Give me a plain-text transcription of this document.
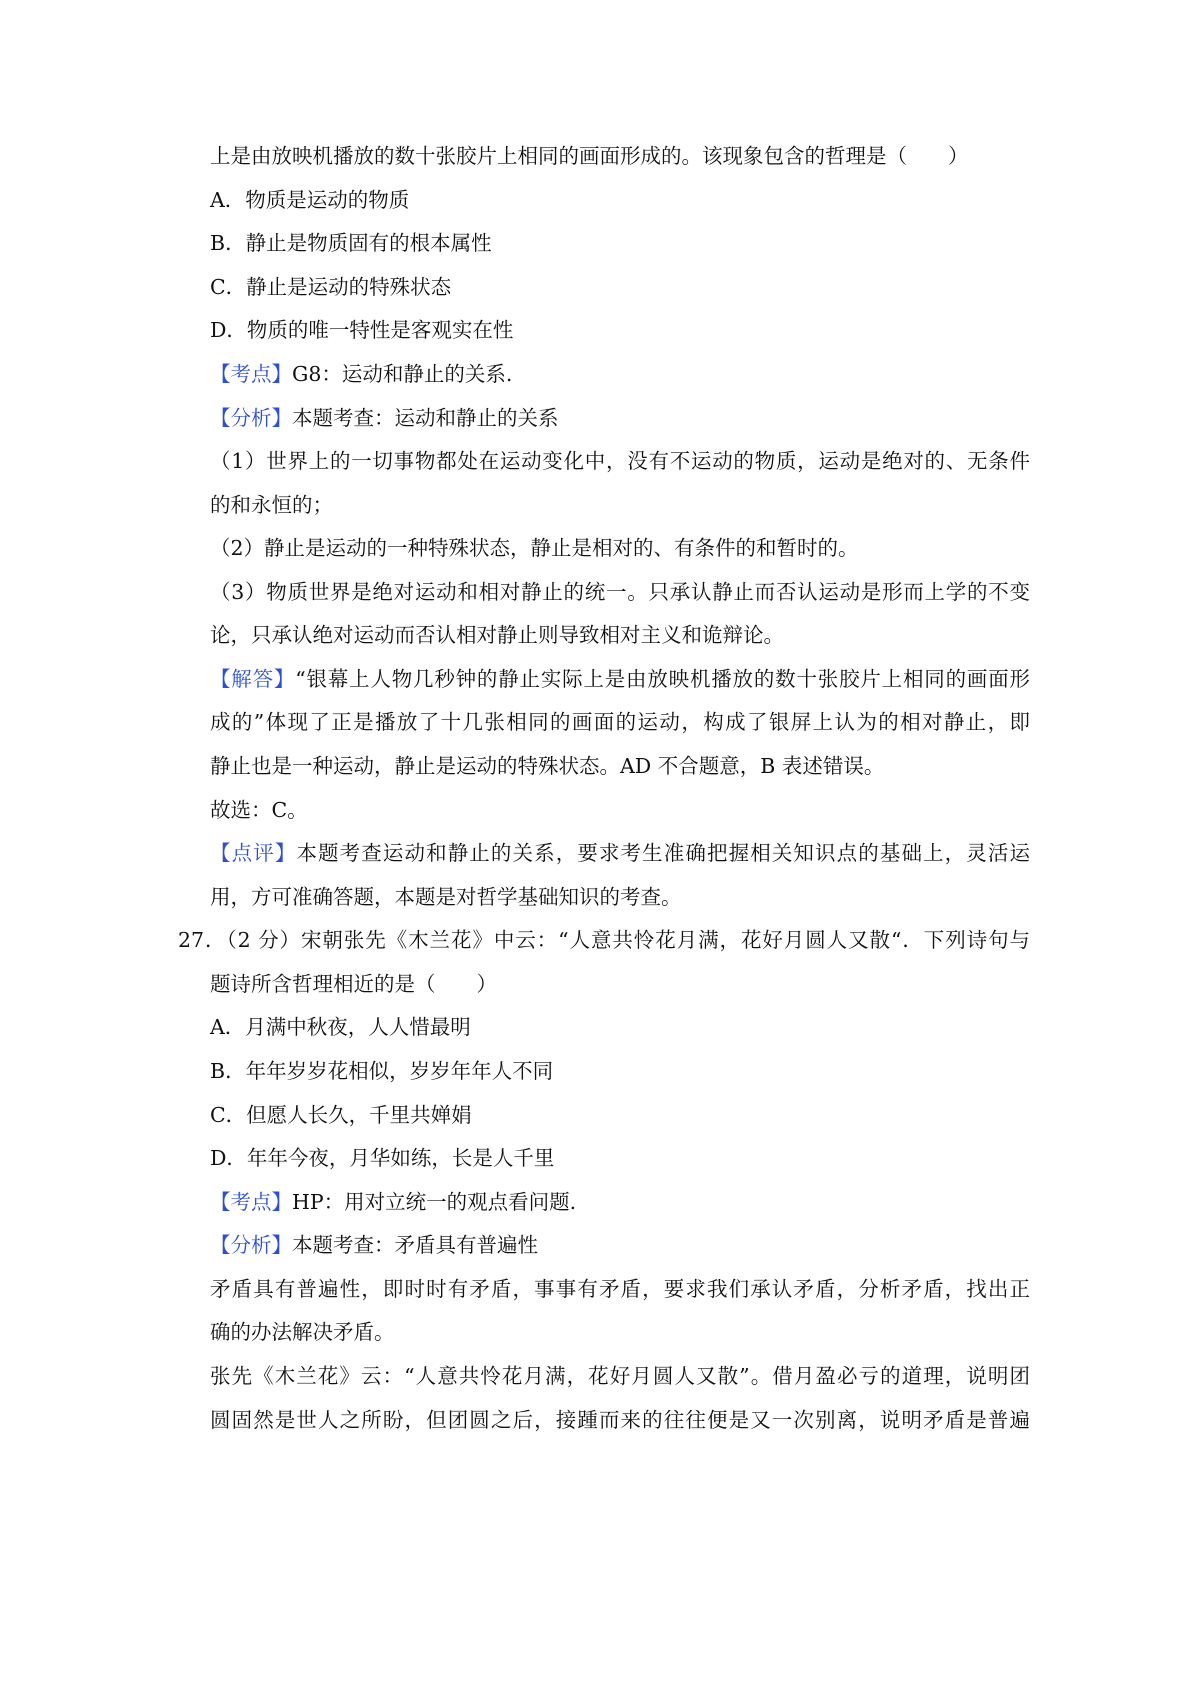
上是由放映机播放的数十张胶片上相同的画面形成的。该现象包含的哲理是（　　）
A．物质是运动的物质
B．静止是物质固有的根本属性
C．静止是运动的特殊状态
D．物质的唯一特性是客观实在性
【考点】G8：运动和静止的关系.
【分析】本题考查：运动和静止的关系
（1）世界上的一切事物都处在运动变化中，没有不运动的物质，运动是绝对的、无条件
的和永恒的；
（2）静止是运动的一种特殊状态，静止是相对的、有条件的和暂时的。
（3）物质世界是绝对运动和相对静止的统一。只承认静止而否认运动是形而上学的不变
论，只承认绝对运动而否认相对静止则导致相对主义和诡辩论。
【解答】“银幕上人物几秒钟的静止实际上是由放映机播放的数十张胶片上相同的画面形
成的”体现了正是播放了十几张相同的画面的运动，构成了银屏上认为的相对静止，即
静止也是一种运动，静止是运动的特殊状态。AD 不合题意，B 表述错误。
故选：C。
【点评】本题考查运动和静止的关系，要求考生准确把握相关知识点的基础上，灵活运
用，方可准确答题，本题是对哲学基础知识的考查。
27．（2 分）宋朝张先《木兰花》中云：“人意共怜花月满，花好月圆人又散“．下列诗句与
题诗所含哲理相近的是（　　）
A．月满中秋夜，人人惜最明
B．年年岁岁花相似，岁岁年年人不同
C．但愿人长久，千里共婵娟
D．年年今夜，月华如练，长是人千里
【考点】HP：用对立统一的观点看问题.
【分析】本题考查：矛盾具有普遍性
矛盾具有普遍性，即时时有矛盾，事事有矛盾，要求我们承认矛盾，分析矛盾，找出正
确的办法解决矛盾。
张先《木兰花》云：“人意共怜花月满，花好月圆人又散”。借月盈必亏的道理，说明团
圆固然是世人之所盼，但团圆之后，接踵而来的往往便是又一次别离，说明矛盾是普遍
